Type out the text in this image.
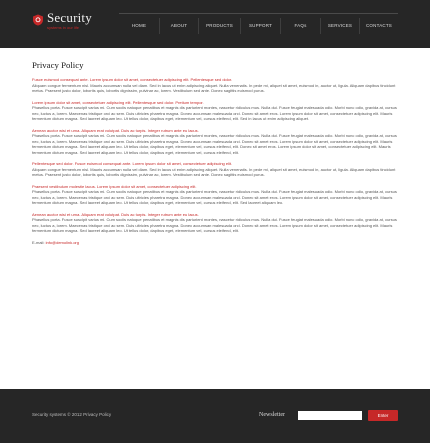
Security
systems in our life	HOME	ABOUT	PRODUCTS	SUPPORT	FAQs	SERVICES	CONTACTS
Privacy Policy
Fusce euismod consequat ante. Lorem ipsum dolor sit amet, consectetuer adipiscing elit. Pellentesque sed dolor.
Aliquam congue fermentum nisl. Mauris accumsan nulla vel diam. Sed in lacus ut enim adipiscing aliquet. Nulla venenatis. In pede mi, aliquet sit amet, euismod in, auctor ut, ligula. Aliquam dapibus tincidunt metus. Praesent justo dolor, lobortis quis, lobortis dignissim, pulvinar ac, lorem. Vestibulum sed ante. Donec sagittis euismod purus.
Lorem ipsum dolor sit amet, consectetuer adipiscing elit. Pellentesque sed dolor. Pretium tempor.
Phasellus porta. Fusce suscipit varius mi. Cum sociis natoque penatibus et magnis dis parturient montes, nascetur ridiculus mus. Nulla dui. Fusce feugiat malesuada odio. Morbi nunc odio, gravida at, cursus nec, luctus a, lorem. Maecenas tristique orci ac sem. Duis ultricies pharetra magna. Donec accumsan malesuada orci. Donec sit amet eros. Lorem ipsum dolor sit amet, consectetuer adipiscing elit. Mauris fermentum dictum magna. Sed laoreet aliquam leo. Ut tellus dolor, dapibus eget, elementum vel, cursus eleifend, elit. Sed in lacus ut enim adipiscing aliquet.
Aenean auctor wisi et urna. Aliquam erat volutpat. Duis ac turpis. Integer rutrum ante eu lacus.
Phasellus porta. Fusce suscipit varius mi. Cum sociis natoque penatibus et magnis dis parturient montes, nascetur ridiculus mus. Nulla dui. Fusce feugiat malesuada odio. Morbi nunc odio, gravida at, cursus nec, luctus a, lorem. Maecenas tristique orci ac sem. Duis ultricies pharetra magna. Donec accumsan malesuada orci. Donec sit amet eros. Lorem ipsum dolor sit amet, consectetuer adipiscing elit. Mauris fermentum dictum magna. Sed laoreet aliquam leo. Ut tellus dolor, dapibus eget, elementum vel, cursus eleifend, elit. Donec sit amet eros. Lorem ipsum dolor sit amet, consectetuer adipiscing elit. Mauris fermentum dictum magna. Sed laoreet aliquam leo. Ut tellus dolor, dapibus eget, elementum vel, cursus eleifend, elit.
Pellentesque sed dolor. Fusce euismod consequat ante. Lorem ipsum dolor sit amet, consectetuer adipiscing elit.
Aliquam congue fermentum nisl. Mauris accumsan nulla vel diam. Sed in lacus ut enim adipiscing aliquet. Nulla venenatis. In pede mi, aliquet sit amet, euismod in, auctor ut, ligula. Aliquam dapibus tincidunt metus. Praesent justo dolor, lobortis quis, lobortis dignissim, pulvinar ac, lorem. Vestibulum sed ante. Donec sagittis euismod purus.
Praesent vestibulum molestie lacus. Lorem ipsum dolor sit amet, consectetuer adipiscing elit.
Phasellus porta. Fusce suscipit varius mi. Cum sociis natoque penatibus et magnis dis parturient montes, nascetur ridiculus mus. Nulla dui. Fusce feugiat malesuada odio. Morbi nunc odio, gravida at, cursus nec, luctus a, lorem. Maecenas tristique orci ac sem. Duis ultricies pharetra magna. Donec accumsan malesuada orci. Donec sit amet eros. Lorem ipsum dolor sit amet, consectetuer adipiscing elit. Mauris fermentum dictum magna. Sed laoreet aliquam leo. Ut tellus dolor, dapibus eget, elementum vel, cursus eleifend, elit. Sed laoreet aliquam leo.
Aenean auctor wisi et urna. Aliquam erat volutpat. Duis ac turpis. Integer rutrum ante eu lacus.
Phasellus porta. Fusce suscipit varius mi. Cum sociis natoque penatibus et magnis dis parturient montes, nascetur ridiculus mus. Nulla dui. Fusce feugiat malesuada odio. Morbi nunc odio, gravida at, cursus nec, luctus a, lorem. Maecenas tristique orci ac sem. Duis ultricies pharetra magna. Donec accumsan malesuada orci. Donec sit amet eros. Lorem ipsum dolor sit amet, consectetuer adipiscing elit. Mauris fermentum dictum magna. Sed laoreet aliquam leo. Ut tellus dolor, dapibus eget, elementum vel, cursus eleifend, elit.
E-mail: info@demolink.org
Security systems © 2012 Privacy Policy	Newsletter	Enter
